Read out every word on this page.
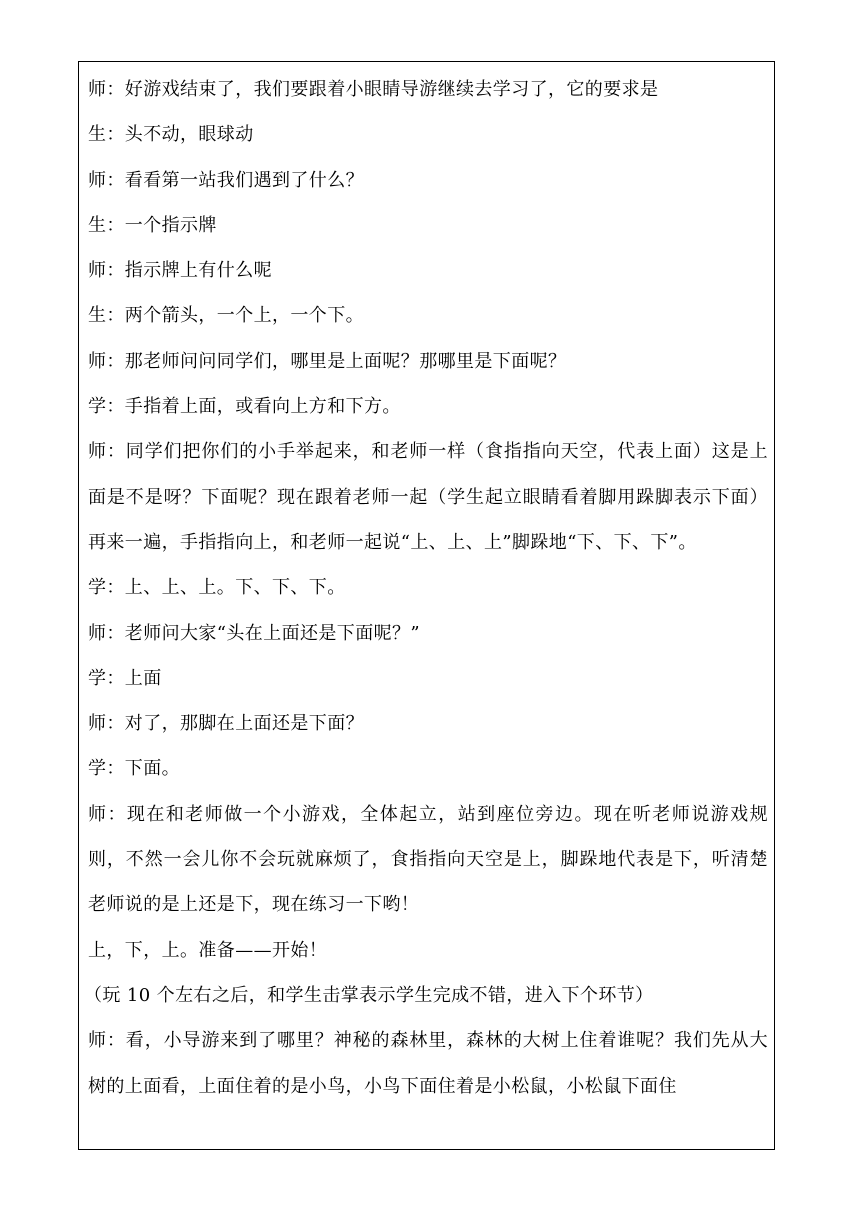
师：好游戏结束了，我们要跟着小眼睛导游继续去学习了，它的要求是

生：头不动，眼球动

师：看看第一站我们遇到了什么？

生：一个指示牌

师：指示牌上有什么呢

生：两个箭头，一个上，一个下。

师：那老师问问同学们，哪里是上面呢？那哪里是下面呢？

学：手指着上面，或看向上方和下方。

师：同学们把你们的小手举起来，和老师一样（食指指向天空，代表上面）这是上面是不是呀？下面呢？现在跟着老师一起（学生起立眼睛看着脚用跺脚表示下面）再来一遍，手指指向上，和老师一起说“上、上、上”脚跺地“下、下、下”。

学：上、上、上。下、下、下。

师：老师问大家“头在上面还是下面呢？”

学：上面

师：对了，那脚在上面还是下面？

学：下面。

师：现在和老师做一个小游戏，全体起立，站到座位旁边。现在听老师说游戏规则，不然一会儿你不会玩就麻烦了，食指指向天空是上，脚跺地代表是下，听清楚老师说的是上还是下，现在练习一下哟！

上，下，上。准备——开始！

（玩 10 个左右之后，和学生击掌表示学生完成不错，进入下个环节）

师：看，小导游来到了哪里？神秘的森林里，森林的大树上住着谁呢？我们先从大树的上面看，上面住着的是小鸟，小鸟下面住着是小松鼠，小松鼠下面住
